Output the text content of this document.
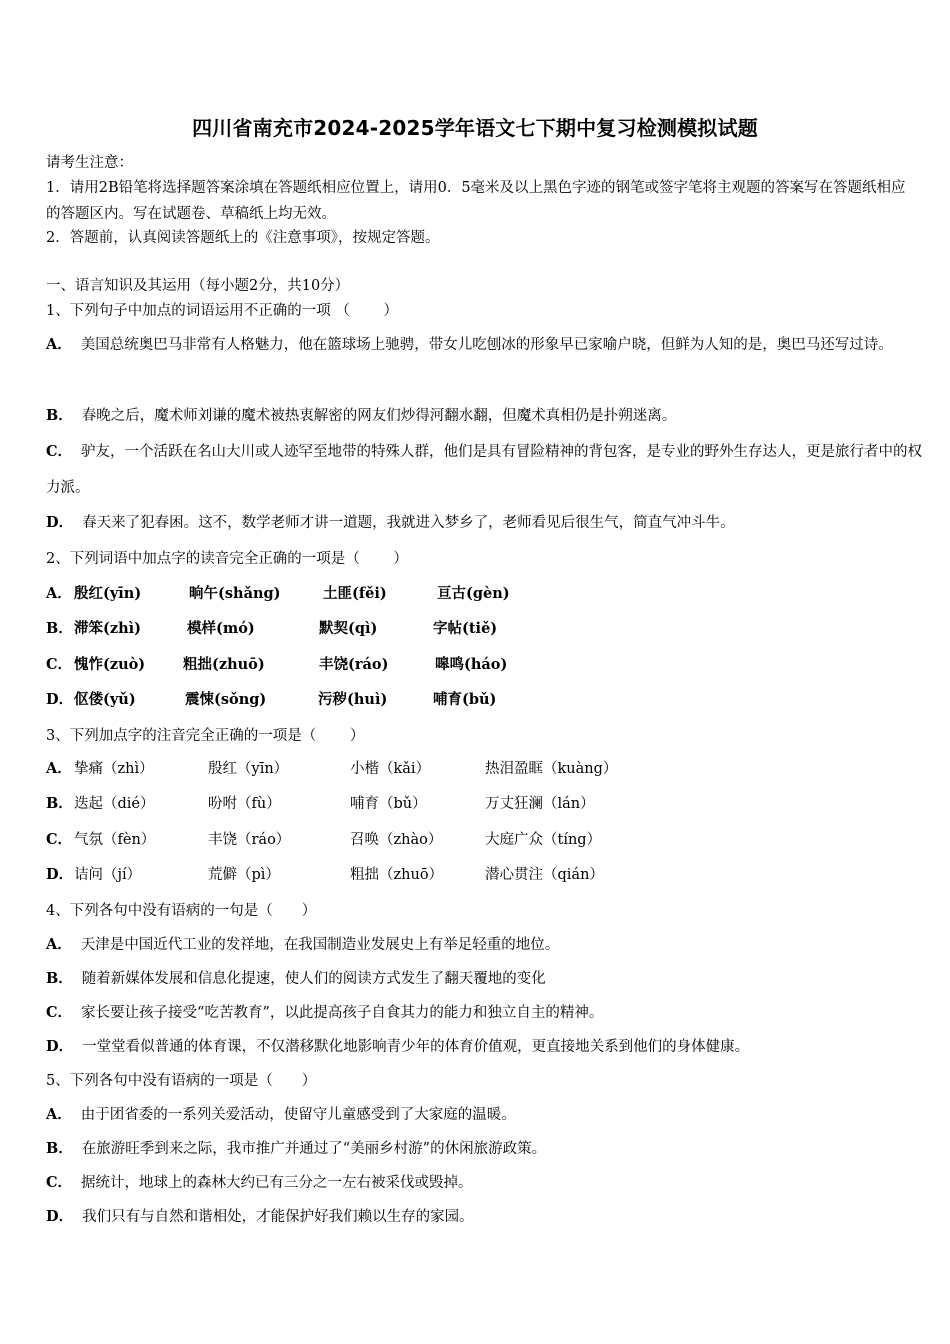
四川省南充市2024-2025学年语文七下期中复习检测模拟试题
请考生注意：
1．请用2B铅笔将选择题答案涂填在答题纸相应位置上，请用0．5毫米及以上黑色字迹的钢笔或签字笔将主观题的答案写在答题纸相应的答题区内。写在试题卷、草稿纸上均无效。
2．答题前，认真阅读答题纸上的《注意事项》，按规定答题。
一、语言知识及其运用（每小题2分，共10分）
1、下列句子中加点的词语运用不正确的一项 （　　 ）
A． 美国总统奥巴马非常有人格魅力，他在篮球场上驰骋，带女儿吃刨冰的形象早已家喻户晓，但鲜为人知的是，奥巴马还写过诗。
B． 春晚之后，魔术师刘谦的魔术被热衷解密的网友们炒得河翻水翻，但魔术真相仍是扑朔迷离。
C． 驴友，一个活跃在名山大川或人迹罕至地带的特殊人群，他们是具有冒险精神的背包客，是专业的野外生存达人，更是旅行者中的权力派。
D． 春天来了犯春困。这不，数学老师才讲一道题，我就进入梦乡了，老师看见后很生气，简直气冲斗牛。
2、下列词语中加点字的读音完全正确的一项是（　　 ）
A． 殷红(yīn)	晌午(shǎng)	土匪(fěi)	亘古(gèn)
B． 滞笨(zhì)	模样(mó)	默契(qì)	字帖(tiě)
C． 愧怍(zuò)	粗拙(zhuō)	丰饶(ráo)	嗥鸣(háo)
D． 伛偻(yǔ)	震悚(sǒng)	污秽(huì)	哺育(bǔ)
3、下列加点字的注音完全正确的一项是（　　 ）
A． 挚痛（zhì）	殷红（yīn）	小楷（kǎi）	热泪盈眶（kuàng）
B． 迭起（dié）	吩咐（fù）	哺育（bǔ）	万丈狂澜（lán）
C． 气氛（fèn）	丰饶（ráo）	召唤（zhào）	大庭广众（tíng）
D． 诘问（jí）	荒僻（pì）	粗拙（zhuō）	潜心贯注（qián）
4、下列各句中没有语病的一句是（　　）
A． 天津是中国近代工业的发祥地，在我国制造业发展史上有举足轻重的地位。
B． 随着新媒体发展和信息化提速，使人们的阅读方式发生了翻天覆地的变化
C． 家长要让孩子接受“吃苦教育”，以此提高孩子自食其力的能力和独立自主的精神。
D． 一堂堂看似普通的体育课，不仅潜移默化地影响青少年的体育价值观，更直接地关系到他们的身体健康。
5、下列各句中没有语病的一项是（　　）
A． 由于团省委的一系列关爱活动，使留守儿童感受到了大家庭的温暖。
B． 在旅游旺季到来之际，我市推广并通过了“美丽乡村游”的休闲旅游政策。
C． 据统计，地球上的森林大约已有三分之一左右被采伐或毁掉。
D． 我们只有与自然和谐相处，才能保护好我们赖以生存的家园。
